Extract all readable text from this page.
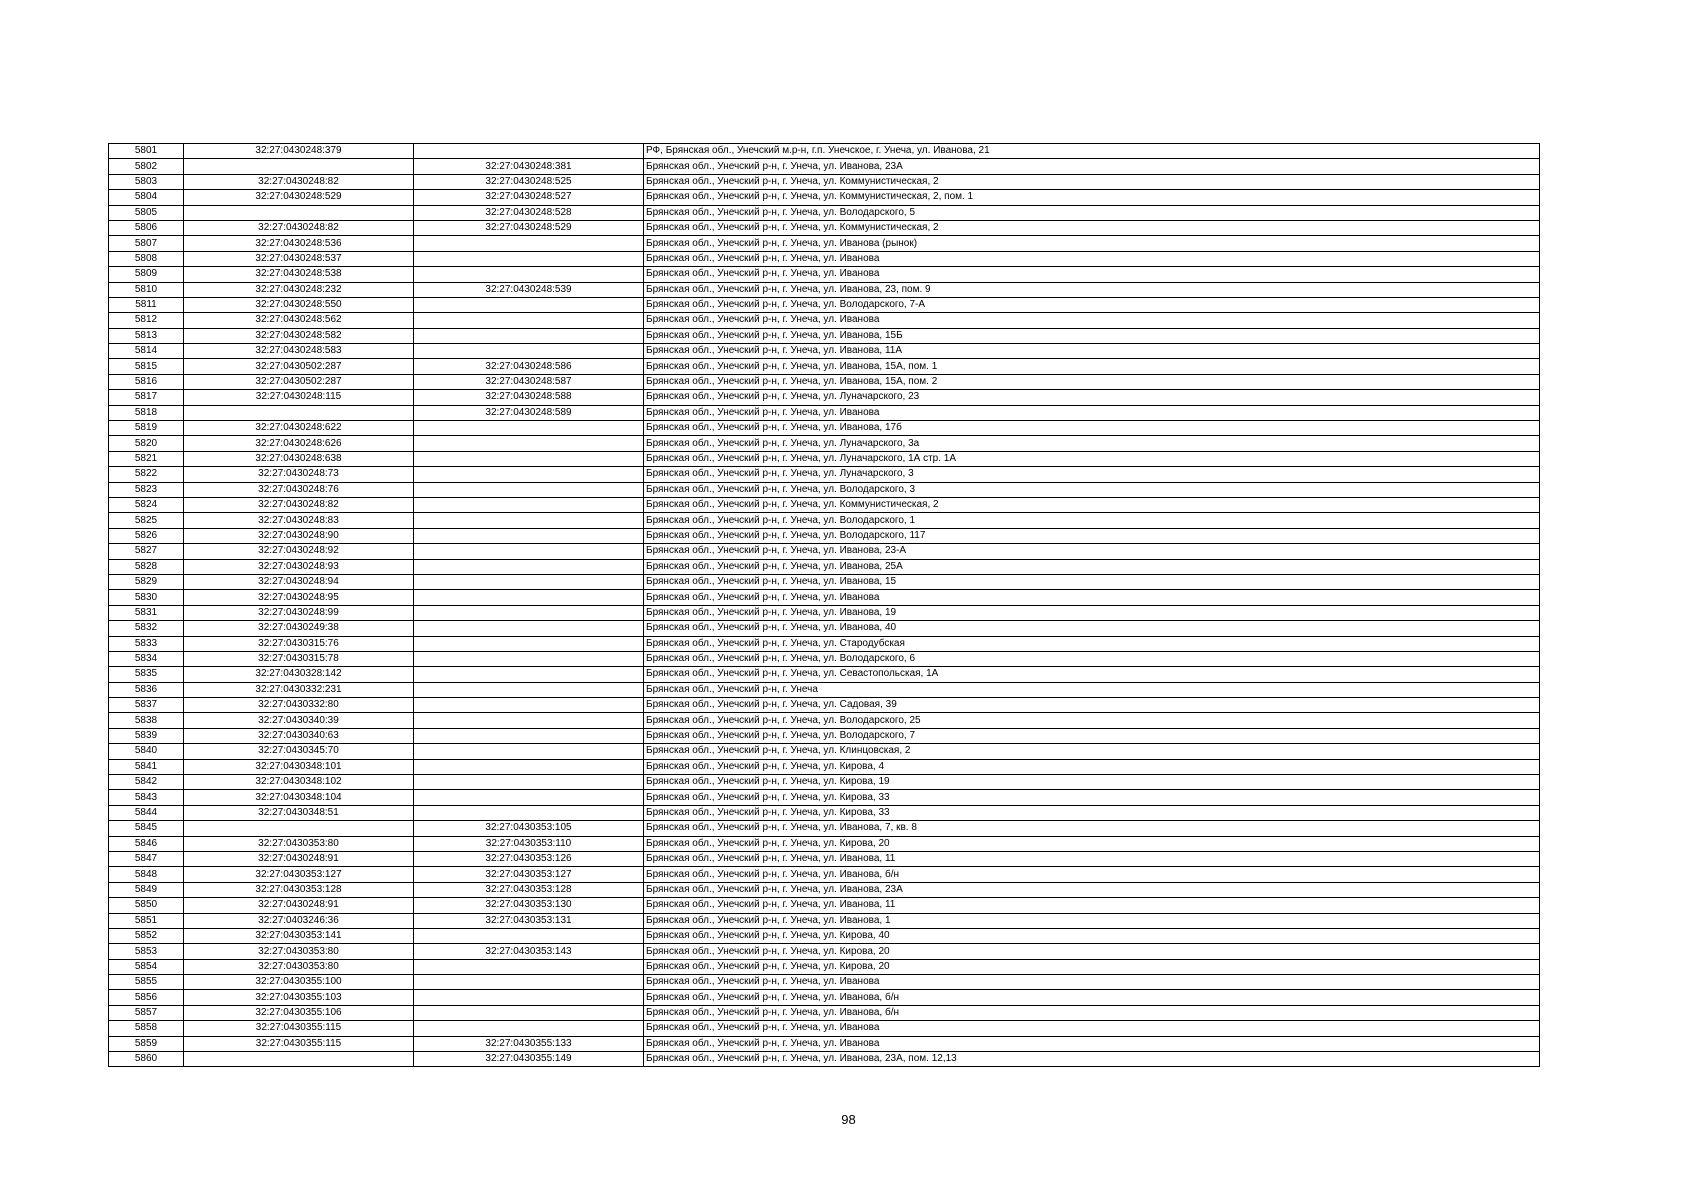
5801	32:27:0430248:379		РФ, Брянская обл., Унечский м.р-н, г.п. Унечское, г. Унеча, ул. Иванова, 21
5802		32:27:0430248:381	Брянская обл., Унечский р-н, г. Унеча, ул. Иванова, 23А
5803	32:27:0430248:82	32:27:0430248:525	Брянская обл., Унечский р-н, г. Унеча, ул. Коммунистическая, 2
5804	32:27:0430248:529	32:27:0430248:527	Брянская обл., Унечский р-н, г. Унеча, ул. Коммунистическая, 2, пом. 1
5805		32:27:0430248:528	Брянская обл., Унечский р-н, г. Унеча, ул. Володарского, 5
5806	32:27:0430248:82	32:27:0430248:529	Брянская обл., Унечский р-н, г. Унеча, ул. Коммунистическая, 2
5807	32:27:0430248:536		Брянская обл., Унечский р-н, г. Унеча, ул. Иванова (рынок)
5808	32:27:0430248:537		Брянская обл., Унечский р-н, г. Унеча, ул. Иванова
5809	32:27:0430248:538		Брянская обл., Унечский р-н, г. Унеча, ул. Иванова
5810	32:27:0430248:232	32:27:0430248:539	Брянская обл., Унечский р-н, г. Унеча, ул. Иванова, 23, пом. 9
5811	32:27:0430248:550		Брянская обл., Унечский р-н, г. Унеча, ул. Володарского, 7-А
5812	32:27:0430248:562		Брянская обл., Унечский р-н, г. Унеча, ул. Иванова
5813	32:27:0430248:582		Брянская обл., Унечский р-н, г. Унеча, ул. Иванова, 15Б
5814	32:27:0430248:583		Брянская обл., Унечский р-н, г. Унеча, ул. Иванова, 11А
5815	32:27:0430502:287	32:27:0430248:586	Брянская обл., Унечский р-н, г. Унеча, ул. Иванова, 15А, пом. 1
5816	32:27:0430502:287	32:27:0430248:587	Брянская обл., Унечский р-н, г. Унеча, ул. Иванова, 15А, пом. 2
5817	32:27:0430248:115	32:27:0430248:588	Брянская обл., Унечский р-н, г. Унеча, ул. Луначарского, 23
5818		32:27:0430248:589	Брянская обл., Унечский р-н, г. Унеча, ул. Иванова
5819	32:27:0430248:622		Брянская обл., Унечский р-н, г. Унеча, ул. Иванова, 17б
5820	32:27:0430248:626		Брянская обл., Унечский р-н, г. Унеча, ул. Луначарского, 3а
5821	32:27:0430248:638		Брянская обл., Унечский р-н, г. Унеча, ул. Луначарского, 1А стр. 1А
5822	32:27:0430248:73		Брянская обл., Унечский р-н, г. Унеча, ул. Луначарского, 3
5823	32:27:0430248:76		Брянская обл., Унечский р-н, г. Унеча, ул. Володарского, 3
5824	32:27:0430248:82		Брянская обл., Унечский р-н, г. Унеча, ул. Коммунистическая, 2
5825	32:27:0430248:83		Брянская обл., Унечский р-н, г. Унеча, ул. Володарского, 1
5826	32:27:0430248:90		Брянская обл., Унечский р-н, г. Унеча, ул. Володарского, 117
5827	32:27:0430248:92		Брянская обл., Унечский р-н, г. Унеча, ул. Иванова, 23-А
5828	32:27:0430248:93		Брянская обл., Унечский р-н, г. Унеча, ул. Иванова, 25А
5829	32:27:0430248:94		Брянская обл., Унечский р-н, г. Унеча, ул. Иванова, 15
5830	32:27:0430248:95		Брянская обл., Унечский р-н, г. Унеча, ул. Иванова
5831	32:27:0430248:99		Брянская обл., Унечский р-н, г. Унеча, ул. Иванова, 19
5832	32:27:0430249:38		Брянская обл., Унечский р-н, г. Унеча, ул. Иванова, 40
5833	32:27:0430315:76		Брянская обл., Унечский р-н, г. Унеча, ул. Стародубская
5834	32:27:0430315:78		Брянская обл., Унечский р-н, г. Унеча, ул. Володарского, 6
5835	32:27:0430328:142		Брянская обл., Унечский р-н, г. Унеча, ул. Севастопольская, 1А
5836	32:27:0430332:231		Брянская обл., Унечский р-н, г. Унеча
5837	32:27:0430332:80		Брянская обл., Унечский р-н, г. Унеча, ул. Садовая, 39
5838	32:27:0430340:39		Брянская обл., Унечский р-н, г. Унеча, ул. Володарского, 25
5839	32:27:0430340:63		Брянская обл., Унечский р-н, г. Унеча, ул. Володарского, 7
5840	32:27:0430345:70		Брянская обл., Унечский р-н, г. Унеча, ул. Клинцовская, 2
5841	32:27:0430348:101		Брянская обл., Унечский р-н, г. Унеча, ул. Кирова, 4
5842	32:27:0430348:102		Брянская обл., Унечский р-н, г. Унеча, ул. Кирова, 19
5843	32:27:0430348:104		Брянская обл., Унечский р-н, г. Унеча, ул. Кирова, 33
5844	32:27:0430348:51		Брянская обл., Унечский р-н, г. Унеча, ул. Кирова, 33
5845		32:27:0430353:105	Брянская обл., Унечский р-н, г. Унеча, ул. Иванова, 7, кв. 8
5846	32:27:0430353:80	32:27:0430353:110	Брянская обл., Унечский р-н, г. Унеча, ул. Кирова, 20
5847	32:27:0430248:91	32:27:0430353:126	Брянская обл., Унечский р-н, г. Унеча, ул. Иванова, 11
5848	32:27:0430353:127	32:27:0430353:127	Брянская обл., Унечский р-н, г. Унеча, ул. Иванова, б/н
5849	32:27:0430353:128	32:27:0430353:128	Брянская обл., Унечский р-н, г. Унеча, ул. Иванова, 23А
5850	32:27:0430248:91	32:27:0430353:130	Брянская обл., Унечский р-н, г. Унеча, ул. Иванова, 11
5851	32:27:0403246:36	32:27:0430353:131	Брянская обл., Унечский р-н, г. Унеча, ул. Иванова, 1
5852	32:27:0430353:141		Брянская обл., Унечский р-н, г. Унеча, ул. Кирова, 40
5853	32:27:0430353:80	32:27:0430353:143	Брянская обл., Унечский р-н, г. Унеча, ул. Кирова, 20
5854	32:27:0430353:80		Брянская обл., Унечский р-н, г. Унеча, ул. Кирова, 20
5855	32:27:0430355:100		Брянская обл., Унечский р-н, г. Унеча, ул. Иванова
5856	32:27:0430355:103		Брянская обл., Унечский р-н, г. Унеча, ул. Иванова, б/н
5857	32:27:0430355:106		Брянская обл., Унечский р-н, г. Унеча, ул. Иванова, б/н
5858	32:27:0430355:115		Брянская обл., Унечский р-н, г. Унеча, ул. Иванова
5859	32:27:0430355:115	32:27:0430355:133	Брянская обл., Унечский р-н, г. Унеча, ул. Иванова
5860		32:27:0430355:149	Брянская обл., Унечский р-н, г. Унеча, ул. Иванова, 23А, пом. 12,13
98
